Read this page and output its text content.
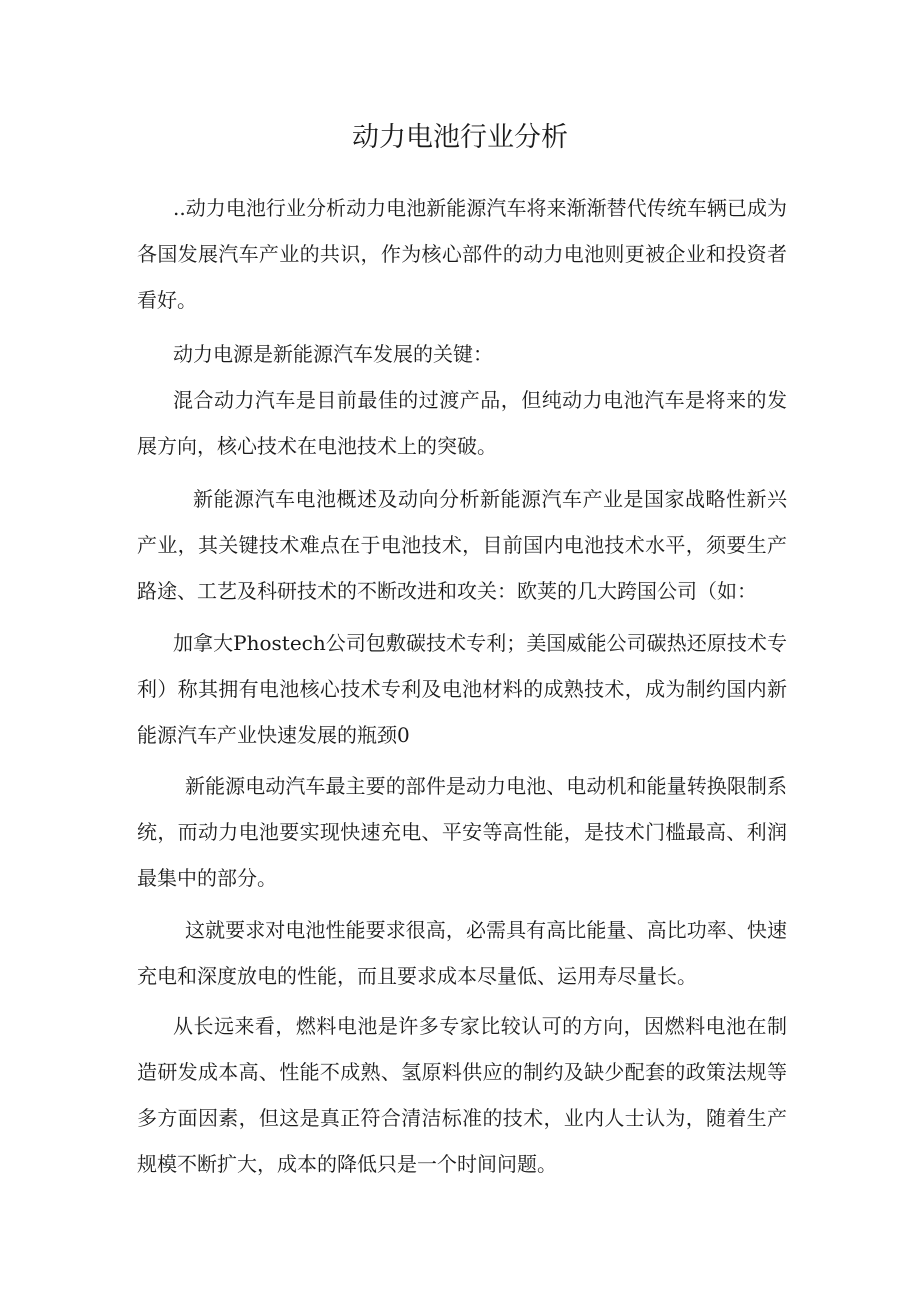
动力电池行业分析

..动力电池行业分析动力电池新能源汽车将来渐渐替代传统车辆已成为各国发展汽车产业的共识，作为核心部件的动力电池则更被企业和投资者看好。

动力电源是新能源汽车发展的关键：

混合动力汽车是目前最佳的过渡产品，但纯动力电池汽车是将来的发展方向，核心技术在电池技术上的突破。

新能源汽车电池概述及动向分析新能源汽车产业是国家战略性新兴产业，其关键技术难点在于电池技术，目前国内电池技术水平，须要生产路途、工艺及科研技术的不断改进和攻关：欧荚的几大跨国公司（如：

加拿大Phostech公司包敷碳技术专利；美国威能公司碳热还原技术专利）称其拥有电池核心技术专利及电池材料的成熟技术，成为制约国内新能源汽车产业快速发展的瓶颈0

新能源电动汽车最主要的部件是动力电池、电动机和能量转换限制系统，而动力电池要实现快速充电、平安等高性能，是技术门槛最高、利润最集中的部分。

这就要求对电池性能要求很高，必需具有高比能量、高比功率、快速充电和深度放电的性能，而且要求成本尽量低、运用寿尽量长。

从长远来看，燃料电池是许多专家比较认可的方向，因燃料电池在制造研发成本高、性能不成熟、氢原料供应的制约及缺少配套的政策法规等多方面因素，但这是真正符合清洁标准的技术，业内人士认为，随着生产规模不断扩大，成本的降低只是一个时间问题。
